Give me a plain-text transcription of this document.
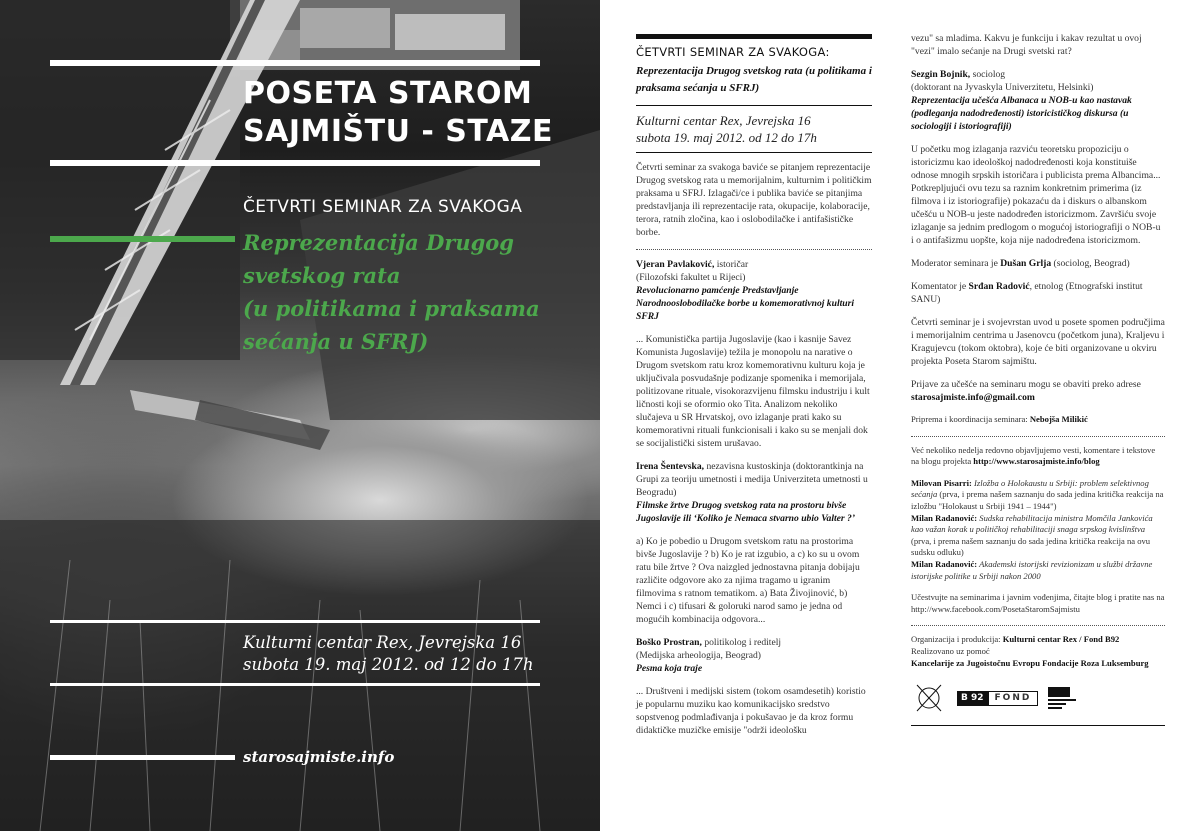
POSETA STAROM
SAJMIŠTU - STAZE
ČETVRTI SEMINAR ZA SVAKOGA
Reprezentacija Drugog
svetskog rata
(u politikama i praksama
sećanja u SFRJ)
Kulturni centar Rex, Jevrejska 16
subota 19. maj 2012. od 12 do 17h
starosajmiste.info
ČETVRTI SEMINAR ZA SVAKOGA:
Reprezentacija Drugog svetskog rata (u politikama i praksama sećanja u SFRJ)
Kulturni centar Rex, Jevrejska 16
subota 19. maj 2012. od 12 do 17h

Četvrti seminar za svakoga baviće se pitanjem reprezentacije Drugog svetskog rata u memorijalnim, kulturnim i političkim praksama u SFRJ. Izlagači/ce i publika baviće se pitanjima predstavljanja ili reprezentacije rata, okupacije, kolaboracije, terora, ratnih zločina, kao i oslobodilačke i antifašističke borbe.

Vjeran Pavlaković, istoričar
(Filozofski fakultet u Rijeci)
Revolucionarno pamćenje Predstavljanje Narodnooslobodilačke borbe u komemorativnoj kulturi SFRJ

... Komunistička partija Jugoslavije (kao i kasnije Savez Komunista Jugoslavije) težila je monopolu na narative o Drugom svetskom ratu kroz komemorativnu kulturu koja je uključivala posvudašnje podizanje spomenika i memorijala, politizovane rituale, visokorazvijenu filmsku industriju i kult ličnosti koji se oformio oko Tita. Analizom nekoliko slučajeva u SR Hrvatskoj, ovo izlaganje prati kako su komemorativni rituali funkcionisali i kako su se menjali dok se socijalistički sistem urušavao.

Irena Šentevska, nezavisna kustoskinja (doktorantkinja na Grupi za teoriju umetnosti i medija Univerziteta umetnosti u Beogradu)
Filmske žrtve Drugog svetskog rata na prostoru bivše Jugoslavije ili ‘Koliko je Nemaca stvarno ubio Valter ?’

a) Ko je pobedio u Drugom svetskom ratu na prostorima bivše Jugoslavije ? b) Ko je rat izgubio, a c) ko su u ovom ratu bile žrtve ? Ova naizgled jednostavna pitanja dobijaju različite odgovore ako za njima tragamo u igranim filmovima s ratnom tematikom. a) Bata Živojinović, b) Nemci i c) tifusari & goloruki narod samo je jedna od mogućih kombinacija odgovora...

Boško Prostran, politikolog i reditelj
(Medijska arheologija, Beograd)
Pesma koja traje

... Društveni i medijski sistem (tokom osamdesetih) koristio je popularnu muziku kao komunikacijsko sredstvo sopstvenog podmlađivanja i pokušavao je da kroz formu didaktičke muzičke emisije "održi ideološku

vezu" sa mladima. Kakvu je funkciju i kakav rezultat u ovoj "vezi" imalo sećanje na Drugi svetski rat?

Sezgin Bojnik, sociolog
(doktorant na Jyvaskyla Univerzitetu, Helsinki)
Reprezentacija učešća Albanaca u NOB-u kao nastavak (podleganja nadodređenosti) istoricističkog diskursa (u sociologiji i istoriografiji)

U početku mog izlaganja razviću teoretsku propoziciju o istoricizmu kao ideološkoj nadodređenosti koja konstituiše odnose mnogih srpskih istoričara i publicista prema Albancima... Potkrepljujući ovu tezu sa raznim konkretnim primerima (iz filmova i iz istoriografije) pokazaću da i diskurs o albanskom učešću u NOB-u jeste nadodređen istoricizmom. Završiću svoje izlaganje sa jednim predlogom o mogućoj istoriografiji o NOB-u i o antifašizmu uopšte, koja nije nadodređena istoricizmom.

Moderator seminara je Dušan Grlja (sociolog, Beograd)

Komentator je Srđan Radović, etnolog (Etnografski institut SANU)

Četvrti seminar je i svojevrstan uvod u posete spomen područjima i memorijalnim centrima u Jasenovcu (početkom juna), Kraljevu i Kragujevcu (tokom oktobra), koje će biti organizovane u okviru projekta Poseta Starom sajmištu.

Prijave za učešće na seminaru mogu se obaviti preko adrese starosajmiste.info@gmail.com

Priprema i koordinacija seminara: Nebojša Milikić

Već nekoliko nedelja redovno objavljujemo vesti, komentare i tekstove na blogu projekta http://www.starosajmiste.info/blog

Milovan Pisarri: Izložba o Holokaustu u Srbiji: problem selektivnog sećanja (prva, i prema našem saznanju do sada jedina kritička reakcija na izložbu "Holokaust u Srbiji 1941 – 1944")
Milan Radanović: Sudska rehabilitacija ministra Momčila Jankovića kao važan korak u političkoj rehabilitaciji snaga srpskog kvislinštva (prva, i prema našem saznanju do sada jedina kritička reakcija na ovu sudsku odluku)
Milan Radanović: Akademski istorijski revizionizam u službi državne istorijske politike u Srbiji nakon 2000

Učestvujte na seminarima i javnim vođenjima, čitajte blog i pratite nas na http://www.facebook.com/PosetaStaromSajmistu

Organizacija i produkcija: Kulturni centar Rex / Fond B92
Realizovano uz pomoć
Kancelarije za Jugoistočnu Evropu Fondacije Roza Luksemburg
B 92	FOND
